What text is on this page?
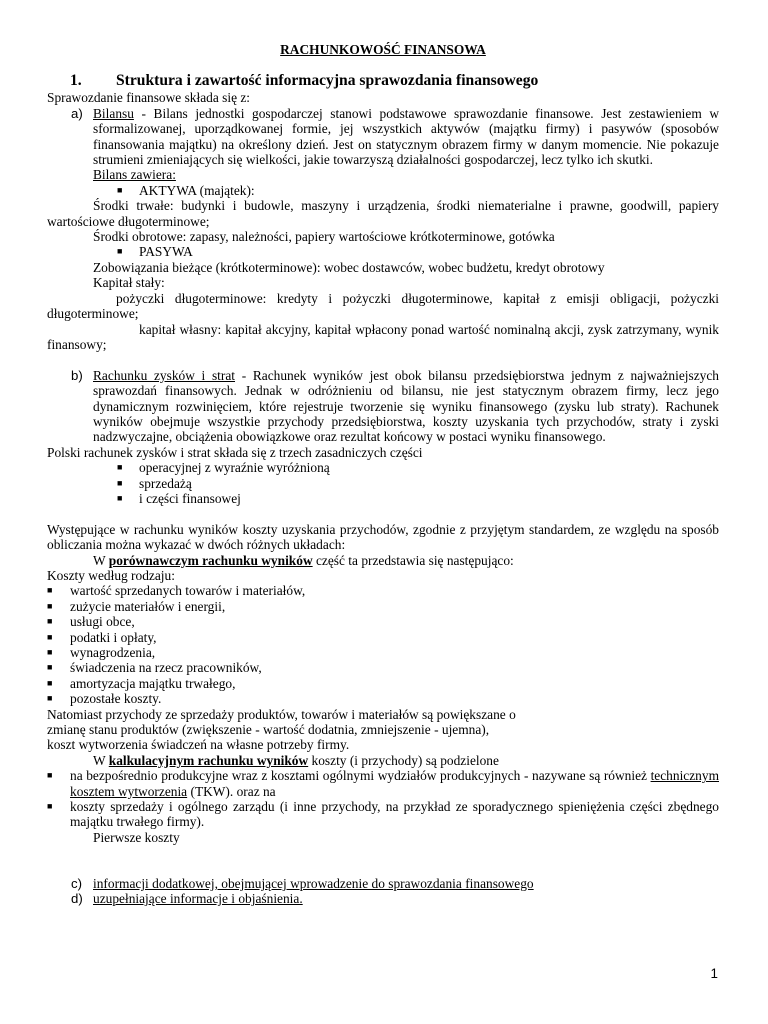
RACHUNKOWOŚĆ FINANSOWA
1.	Struktura i zawartość informacyjna sprawozdania finansowego

Sprawozdanie finansowe składa się z:

a) Bilansu - Bilans jednostki gospodarczej stanowi podstawowe sprawozdanie finansowe. Jest zestawieniem w sformalizowanej, uporządkowanej formie, jej wszystkich aktywów (majątku firmy) i pasywów (sposobów finansowania majątku) na określony dzień. Jest on statycznym obrazem firmy w danym momencie. Nie pokazuje strumieni zmieniających się wielkości, jakie towarzyszą działalności gospodarczej, lecz tylko ich skutki.
Bilans zawiera:
■ AKTYWA (majątek):

Środki trwałe: budynki i budowle, maszyny i urządzenia, środki niematerialne i prawne, goodwill, papiery wartościowe długoterminowe;

Środki obrotowe: zapasy, należności, papiery wartościowe krótkoterminowe, gotówka

■ PASYWA

Zobowiązania bieżące (krótkoterminowe): wobec dostawców, wobec budżetu, kredyt obrotowy

Kapitał stały:

pożyczki długoterminowe: kredyty i pożyczki długoterminowe, kapitał z emisji obligacji, pożyczki długoterminowe;

kapitał własny: kapitał akcyjny, kapitał wpłacony ponad wartość nominalną akcji, zysk zatrzymany, wynik finansowy;

b) Rachunku zysków i strat - Rachunek wyników jest obok bilansu przedsiębiorstwa jednym z najważniejszych sprawozdań finansowych. Jednak w odróżnieniu od bilansu, nie jest statycznym obrazem firmy, lecz jego dynamicznym rozwinięciem, które rejestruje tworzenie się wyniku finansowego (zysku lub straty). Rachunek wyników obejmuje wszystkie przychody przedsiębiorstwa, koszty uzyskania tych przychodów, straty i zyski nadzwyczajne, obciążenia obowiązkowe oraz rezultat końcowy w postaci wyniku finansowego.

Polski rachunek zysków i strat składa się z trzech zasadniczych części

■ operacyjnej z wyraźnie wyróżnioną
■ sprzedażą
■ i części finansowej

Występujące w rachunku wyników koszty uzyskania przychodów, zgodnie z przyjętym standardem, ze względu na sposób obliczania można wykazać w dwóch różnych układach:

W porównawczym rachunku wyników część ta przedstawia się następująco:

Koszty według rodzaju:

■ wartość sprzedanych towarów i materiałów,
■ zużycie materiałów i energii,
■ usługi obce,
■ podatki i opłaty,
■ wynagrodzenia,
■ świadczenia na rzecz pracowników,
■ amortyzacja majątku trwałego,
■ pozostałe koszty.

Natomiast przychody ze sprzedaży produktów, towarów i materiałów są powiększane o

zmianę stanu produktów (zwiększenie - wartość dodatnia, zmniejszenie - ujemna),

koszt wytworzenia świadczeń na własne potrzeby firmy.

W kalkulacyjnym rachunku wyników koszty (i przychody) są podzielone

■ na bezpośrednio produkcyjne wraz z kosztami ogólnymi wydziałów produkcyjnych - nazywane są również technicznym kosztem wytworzenia (TKW). oraz na
■ koszty sprzedaży i ogólnego zarządu (i inne przychody, na przykład ze sporadycznego spieniężenia części zbędnego majątku trwałego firmy).

Pierwsze koszty

c) informacji dodatkowej, obejmującej wprowadzenie do sprawozdania finansowego
d) uzupełniające informacje i objaśnienia.
1
